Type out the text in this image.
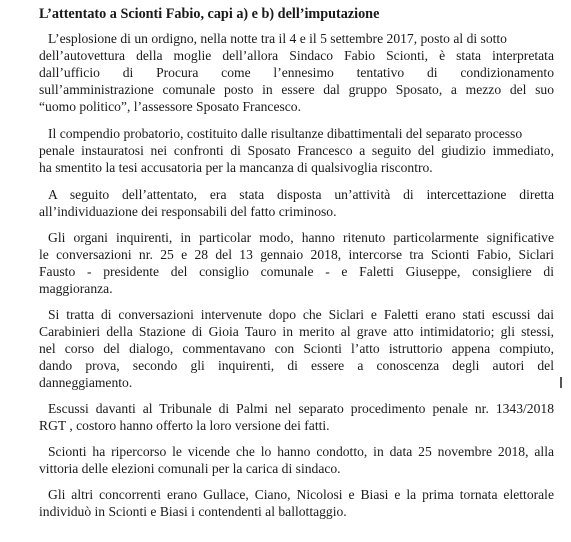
L’attentato a Scionti Fabio, capi a) e b) dell’imputazione
L’esplosione di un ordigno, nella notte tra il 4 e il 5 settembre 2017, posto al di sotto
dell’autovettura della moglie dell’allora Sindaco Fabio Scionti, è stata interpretata
dall’ufficio di Procura come l’ennesimo tentativo di condizionamento
sull’amministrazione comunale posto in essere dal gruppo Sposato, a mezzo del suo
“uomo politico”, l’assessore Sposato Francesco.
Il compendio probatorio, costituito dalle risultanze dibattimentali del separato processo
penale instauratosi nei confronti di Sposato Francesco a seguito del giudizio immediato,
ha smentito la tesi accusatoria per la mancanza di qualsivoglia riscontro.
A seguito dell’attentato, era stata disposta un’attività di intercettazione diretta
all’individuazione dei responsabili del fatto criminoso.
Gli organi inquirenti, in particolar modo, hanno ritenuto particolarmente significative
le conversazioni nr. 25 e 28 del 13 gennaio 2018, intercorse tra Scionti Fabio, Siclari
Fausto - presidente del consiglio comunale - e Faletti Giuseppe, consigliere di
maggioranza.
Si tratta di conversazioni intervenute dopo che Siclari e Faletti erano stati escussi dai
Carabinieri della Stazione di Gioia Tauro in merito al grave atto intimidatorio; gli stessi,
nel corso del dialogo, commentavano con Scionti l’atto istruttorio appena compiuto,
dando prova, secondo gli inquirenti, di essere a conoscenza degli autori del
danneggiamento.
Escussi davanti al Tribunale di Palmi nel separato procedimento penale nr. 1343/2018
RGT , costoro hanno offerto la loro versione dei fatti.
Scionti ha ripercorso le vicende che lo hanno condotto, in data 25 novembre 2018, alla
vittoria delle elezioni comunali per la carica di sindaco.
Gli altri concorrenti erano Gullace, Ciano, Nicolosi e Biasi e la prima tornata elettorale
individuò in Scionti e Biasi i contendenti al ballottaggio.
